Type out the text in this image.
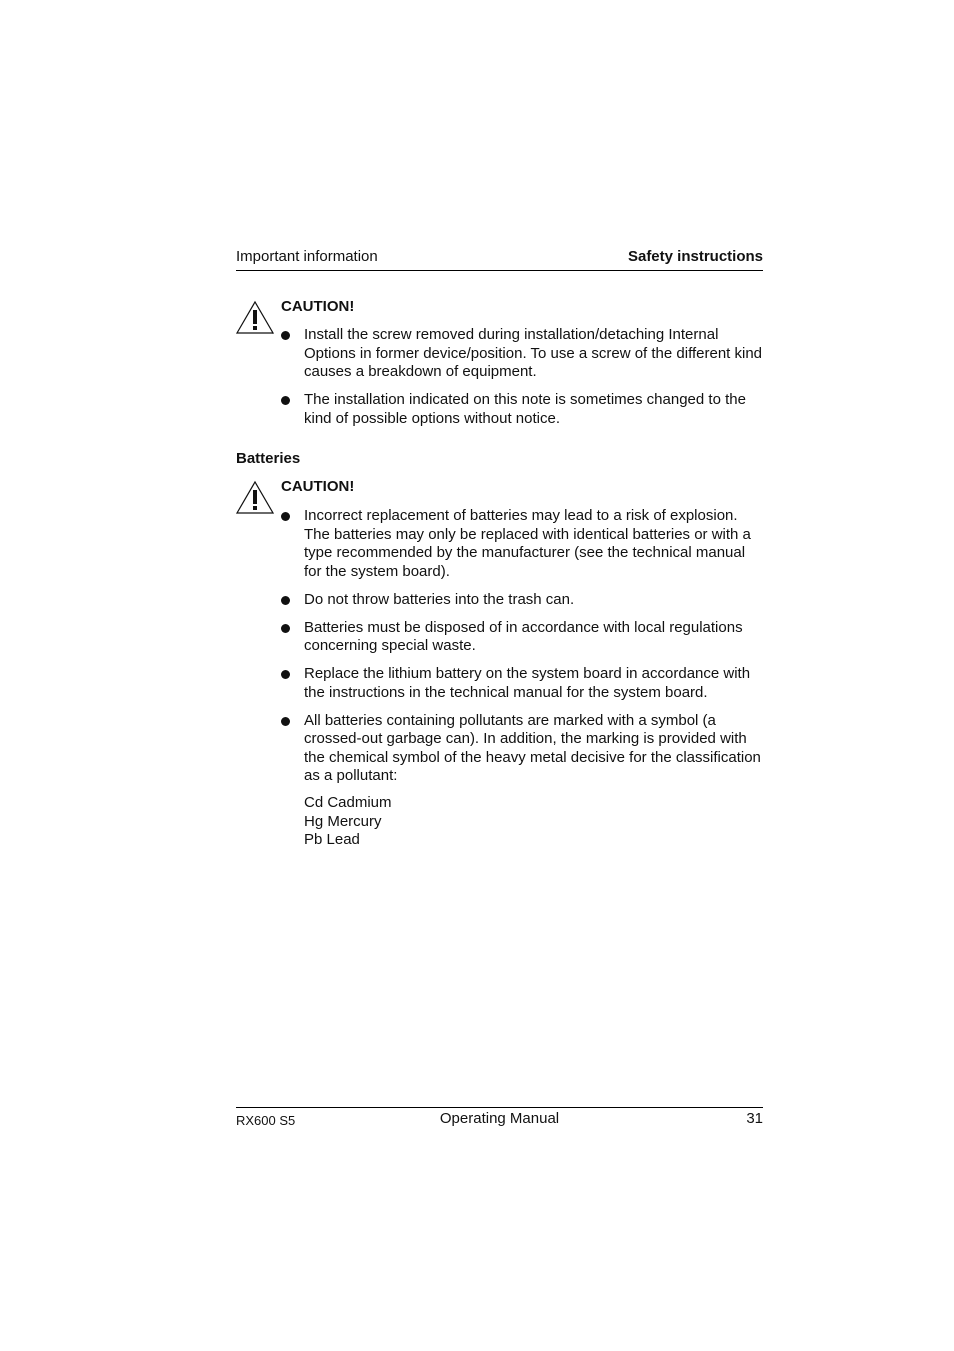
Important information	Safety instructions
CAUTION!
Install the screw removed during installation/detaching Internal Options in former device/position. To use a screw of the different kind causes a breakdown of equipment.
The installation indicated on this note is sometimes changed to the kind of possible options without notice.
Batteries
CAUTION!
Incorrect replacement of batteries may lead to a risk of explosion. The batteries may only be replaced with identical batteries or with a type recommended by the manufacturer (see the technical manual for the system board).
Do not throw batteries into the trash can.
Batteries must be disposed of in accordance with local regulations concerning special waste.
Replace the lithium battery on the system board in accordance with the instructions in the technical manual for the system board.
All batteries containing pollutants are marked with a symbol (a crossed-out garbage can). In addition, the marking is provided with the chemical symbol of the heavy metal decisive for the classification as a pollutant:
Cd Cadmium
Hg Mercury
Pb Lead
RX600 S5	Operating Manual	31
